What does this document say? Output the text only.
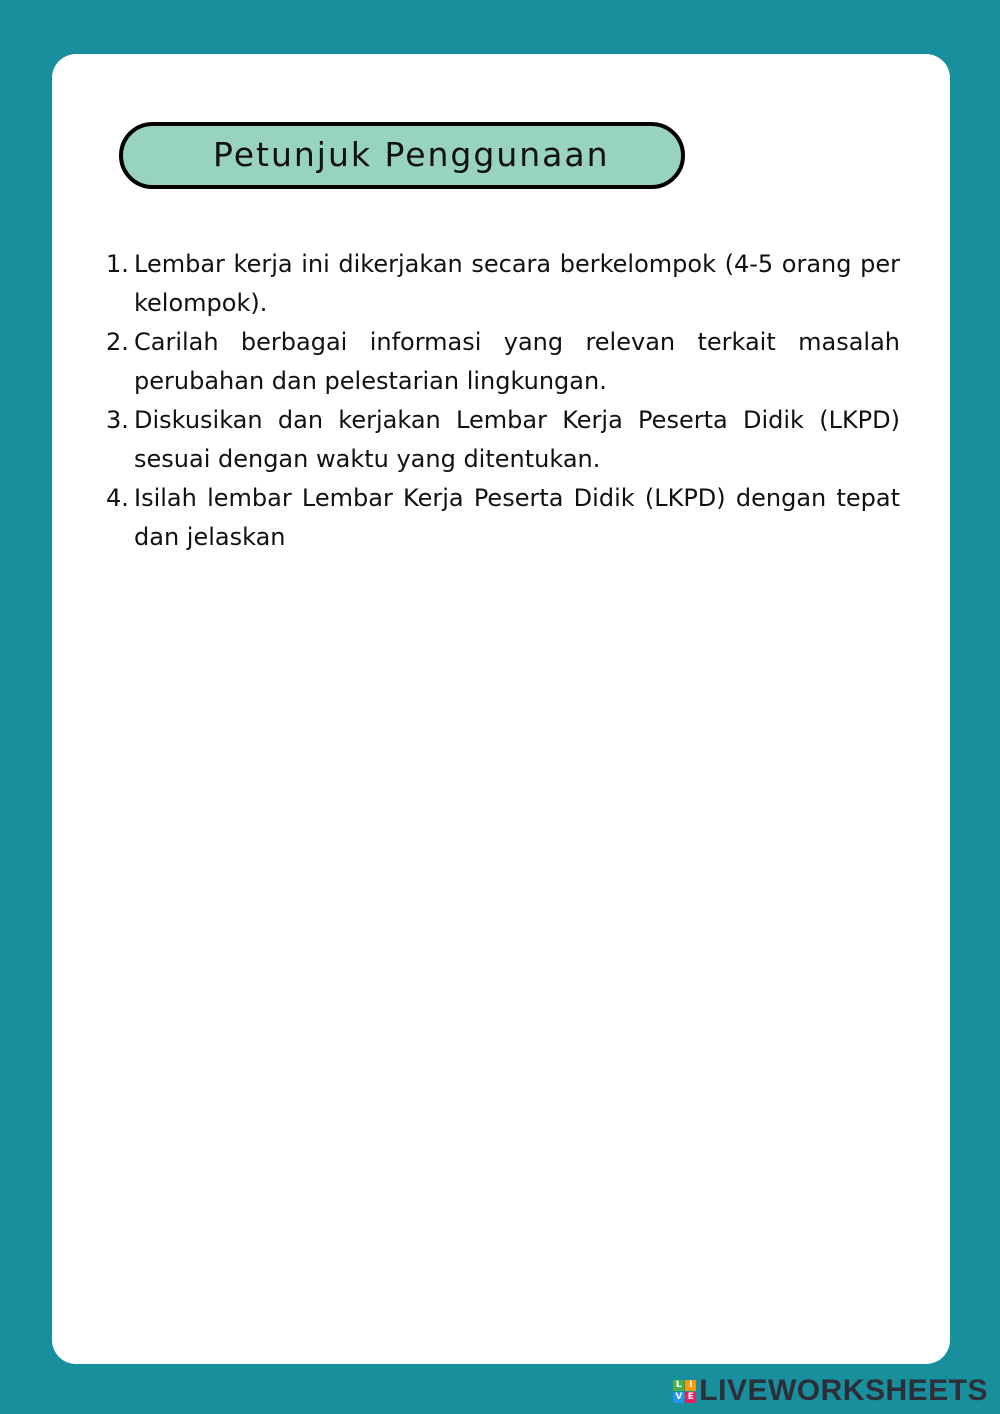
Petunjuk Penggunaan
1. Lembar kerja ini dikerjakan secara berkelompok (4-5 orang per kelompok).
2. Carilah berbagai informasi yang relevan terkait masalah perubahan dan pelestarian lingkungan.
3. Diskusikan dan kerjakan Lembar Kerja Peserta Didik (LKPD) sesuai dengan waktu yang ditentukan.
4. Isilah lembar Lembar Kerja Peserta Didik (LKPD) dengan tepat dan jelaskan
L I
V E LIVEWORKSHEETS
